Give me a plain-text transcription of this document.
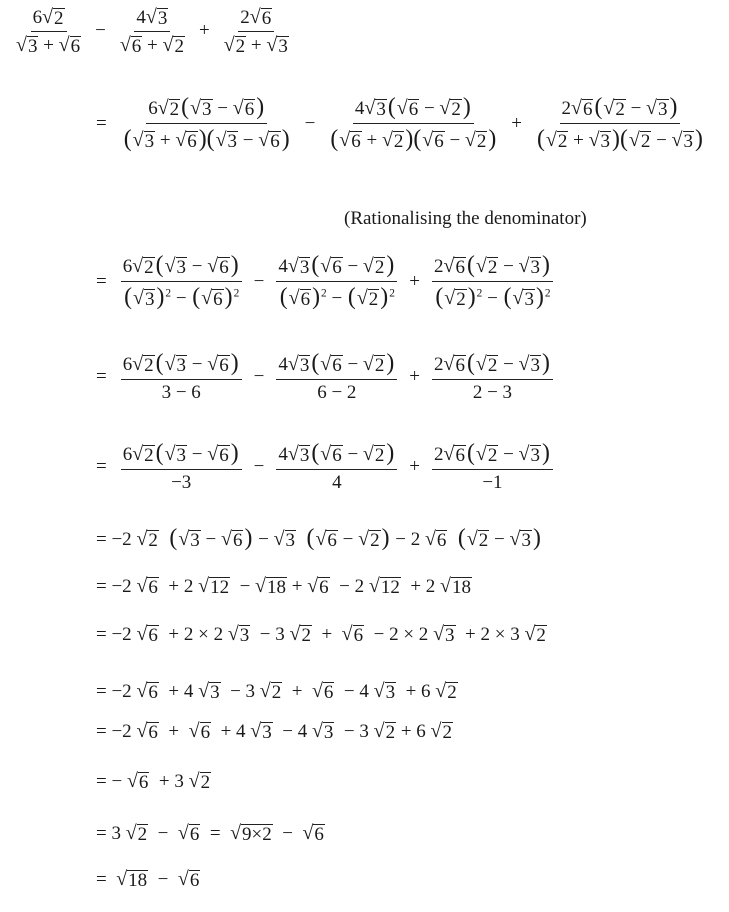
$\frac{6 √ 2}{√ 3 + √ 6} - \frac{4 √ 3}{√ 6 + √ 2} + \frac{2 √ 6}{√ 2 + √ 3}$
= $\frac{6 √ 2 ( √ 3 - √ 6 )}{( √ 3 + √ 6 )( √ 3 - √ 6 )} - \frac{4 √ 3 ( √ 6 - √ 2 )}{( √ 6 + √ 2 )( √ 6 - √ 2 )} + \frac{2 √ 6 ( √ 2 - √ 3 )}{( √ 2 + √ 3 )( √ 2 - √ 3 )}$
(Rationalising the denominator)
= $\frac{6 √ 2 ( √ 3 - √ 6 )}{( √ 3 )^2 - ( √ 6 )^2} - \frac{4 √ 3 ( √ 6 - √ 2 )}{( √ 6 )^2 - ( √ 2 )^2} + \frac{2 √ 6 ( √ 2 - √ 3 )}{( √ 2 )^2 - ( √ 3 )^2}$
= $\frac{6 √ 2 ( √ 3 - √ 6 )}{3 - 6} - \frac{4 √ 3 ( √ 6 - √ 2 )}{6 - 2} + \frac{2 √ 6 ( √ 2 - √ 3 )}{2 - 3}$
= $\frac{6 √ 2 ( √ 3 - √ 6 )}{-3} - \frac{4 √ 3 ( √ 6 - √ 2 )}{4} + \frac{2 √ 6 ( √ 2 - √ 3 )}{-1}$
= −2 √ 2 ( √ 3 − √ 6 ) − √ 3 ( √ 6 − √ 2 ) − 2 √ 6 ( √ 2 − √ 3 )
= −2 √ 6 + 2 √ 12 − √ 18 + √ 6 − 2 √ 12 + 2 √ 18
= −2 √ 6 + 2 × 2 √ 3 − 3 √ 2 + √ 6 − 2 × 2 √ 3 + 2 × 3 √ 2
= −2 √ 6 + 4 √ 3 − 3 √ 2 + √ 6 − 4 √ 3 + 6 √ 2
= −2 √ 6 + √ 6 + 4 √ 3 − 4 √ 3 − 3 √ 2 + 6 √ 2
= − √ 6 + 3 √ 2
= 3 √ 2 − √ 6 = √ 9×2 − √ 6
= √ 18 − √ 6
